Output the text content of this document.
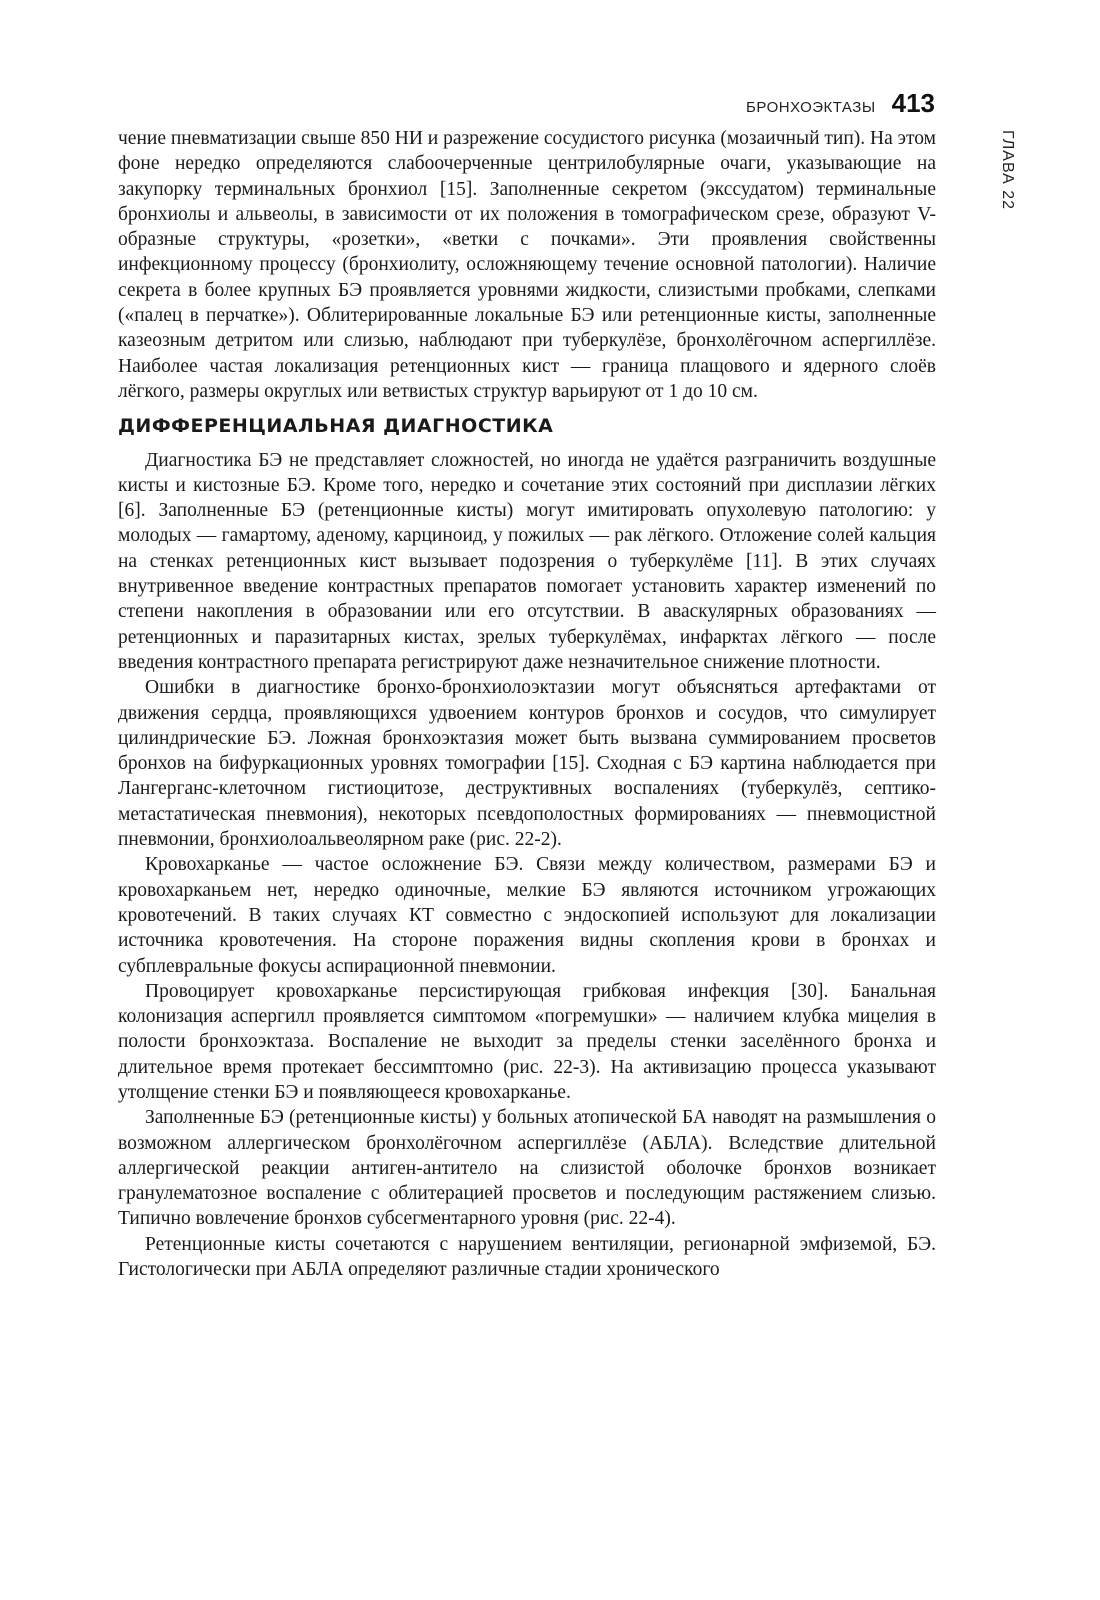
БРОНХОЭКТАЗЫ 413
ГЛАВА 22

чение пневматизации свыше 850 НИ и разрежение сосудистого рисунка (мозаичный тип). На этом фоне нередко определяются слабоочерченные центрилобулярные очаги, указывающие на закупорку терминальных бронхиол [15]. Заполненные секретом (экссудатом) терминальные бронхиолы и альвеолы, в зависимости от их положения в томографическом срезе, образуют V-образные структуры, «розетки», «ветки с почками». Эти проявления свойственны инфекционному процессу (бронхиолиту, осложняющему течение основной патологии). Наличие секрета в более крупных БЭ проявляется уровнями жидкости, слизистыми пробками, слепками («палец в перчатке»). Облитерированные локальные БЭ или ретенционные кисты, заполненные казеозным детритом или слизью, наблюдают при туберкулёзе, бронхолёгочном аспергиллёзе. Наиболее частая локализация ретенционных кист — граница плащового и ядерного слоёв лёгкого, размеры округлых или ветвистых структур варьируют от 1 до 10 см.

ДИФФЕРЕНЦИАЛЬНАЯ ДИАГНОСТИКА

Диагностика БЭ не представляет сложностей, но иногда не удаётся разграничить воздушные кисты и кистозные БЭ. Кроме того, нередко и сочетание этих состояний при дисплазии лёгких [6]. Заполненные БЭ (ретенционные кисты) могут имитировать опухолевую патологию: у молодых — гамартому, аденому, карциноид, у пожилых — рак лёгкого. Отложение солей кальция на стенках ретенционных кист вызывает подозрения о туберкулёме [11]. В этих случаях внутривенное введение контрастных препаратов помогает установить характер изменений по степени накопления в образовании или его отсутствии. В аваскулярных образованиях — ретенционных и паразитарных кистах, зрелых туберкулёмах, инфарктах лёгкого — после введения контрастного препарата регистрируют даже незначительное снижение плотности.

Ошибки в диагностике бронхо-бронхиолоэктазии могут объясняться артефактами от движения сердца, проявляющихся удвоением контуров бронхов и сосудов, что симулирует цилиндрические БЭ. Ложная бронхоэктазия может быть вызвана суммированием просветов бронхов на бифуркационных уровнях томографии [15]. Сходная с БЭ картина наблюдается при Лангерганс-клеточном гистиоцитозе, деструктивных воспалениях (туберкулёз, септико-метастатическая пневмония), некоторых псевдополостных формированиях — пневмоцистной пневмонии, бронхиолоальвеолярном раке (рис. 22-2).

Кровохарканье — частое осложнение БЭ. Связи между количеством, размерами БЭ и кровохарканьем нет, нередко одиночные, мелкие БЭ являются источником угрожающих кровотечений. В таких случаях КТ совместно с эндоскопией используют для локализации источника кровотечения. На стороне поражения видны скопления крови в бронхах и субплевральные фокусы аспирационной пневмонии.

Провоцирует кровохарканье персистирующая грибковая инфекция [30]. Банальная колонизация аспергилл проявляется симптомом «погремушки» — наличием клубка мицелия в полости бронхоэктаза. Воспаление не выходит за пределы стенки заселённого бронха и длительное время протекает бессимптомно (рис. 22-3). На активизацию процесса указывают утолщение стенки БЭ и появляющееся кровохарканье.

Заполненные БЭ (ретенционные кисты) у больных атопической БА наводят на размышления о возможном аллергическом бронхолёгочном аспергиллёзе (АБЛА). Вследствие длительной аллергической реакции антиген-антитело на слизистой оболочке бронхов возникает гранулематозное воспаление с облитерацией просветов и последующим растяжением слизью. Типично вовлечение бронхов субсегментарного уровня (рис. 22-4).

Ретенционные кисты сочетаются с нарушением вентиляции, регионарной эмфиземой, БЭ. Гистологически при АБЛА определяют различные стадии хронического
